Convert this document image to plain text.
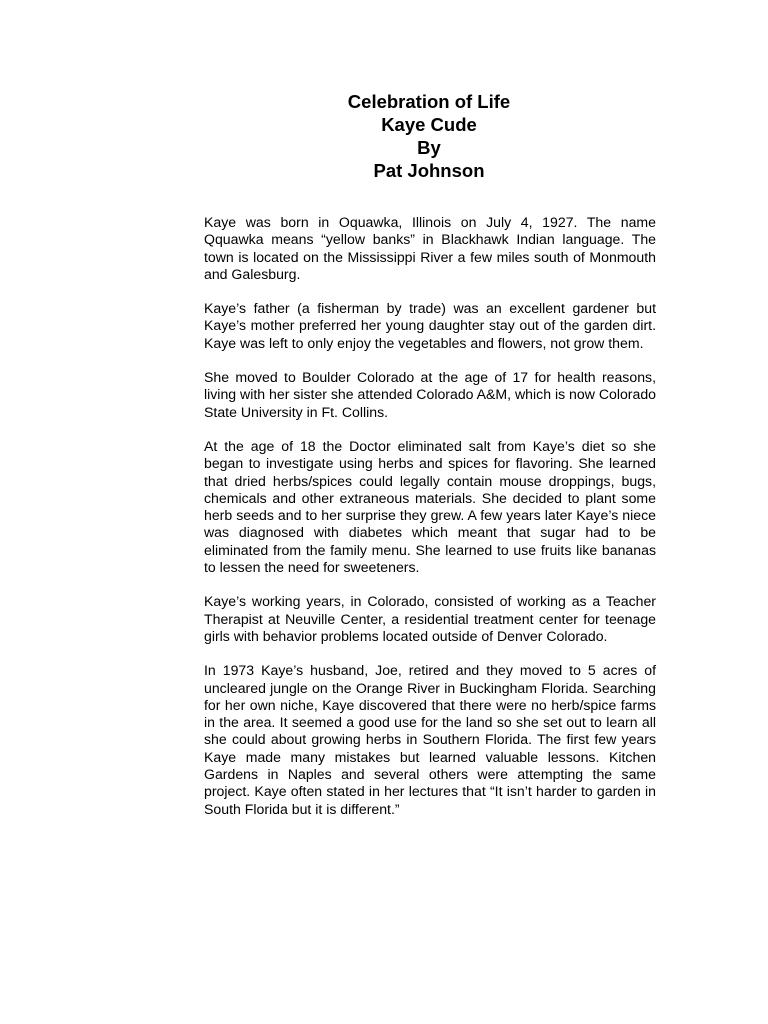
Celebration of Life
Kaye Cude
By
Pat Johnson

Kaye was born in Oquawka, Illinois on July 4, 1927. The name Qquawka means “yellow banks” in Blackhawk Indian language. The town is located on the Mississippi River a few miles south of Monmouth and Galesburg.

Kaye’s father (a fisherman by trade) was an excellent gardener but Kaye’s mother preferred her young daughter stay out of the garden dirt. Kaye was left to only enjoy the vegetables and flowers, not grow them.

She moved to Boulder Colorado at the age of 17 for health reasons, living with her sister she attended Colorado A&M, which is now Colorado State University in Ft. Collins.

At the age of 18 the Doctor eliminated salt from Kaye’s diet so she began to investigate using herbs and spices for flavoring. She learned that dried herbs/spices could legally contain mouse droppings, bugs, chemicals and other extraneous materials. She decided to plant some herb seeds and to her surprise they grew. A few years later Kaye’s niece was diagnosed with diabetes which meant that sugar had to be eliminated from the family menu. She learned to use fruits like bananas to lessen the need for sweeteners.

Kaye’s working years, in Colorado, consisted of working as a Teacher Therapist at Neuville Center, a residential treatment center for teenage girls with behavior problems located outside of Denver Colorado.

In 1973 Kaye’s husband, Joe, retired and they moved to 5 acres of uncleared jungle on the Orange River in Buckingham Florida. Searching for her own niche, Kaye discovered that there were no herb/spice farms in the area. It seemed a good use for the land so she set out to learn all she could about growing herbs in Southern Florida. The first few years Kaye made many mistakes but learned valuable lessons. Kitchen Gardens in Naples and several others were attempting the same project. Kaye often stated in her lectures that “It isn’t harder to garden in South Florida but it is different.”
